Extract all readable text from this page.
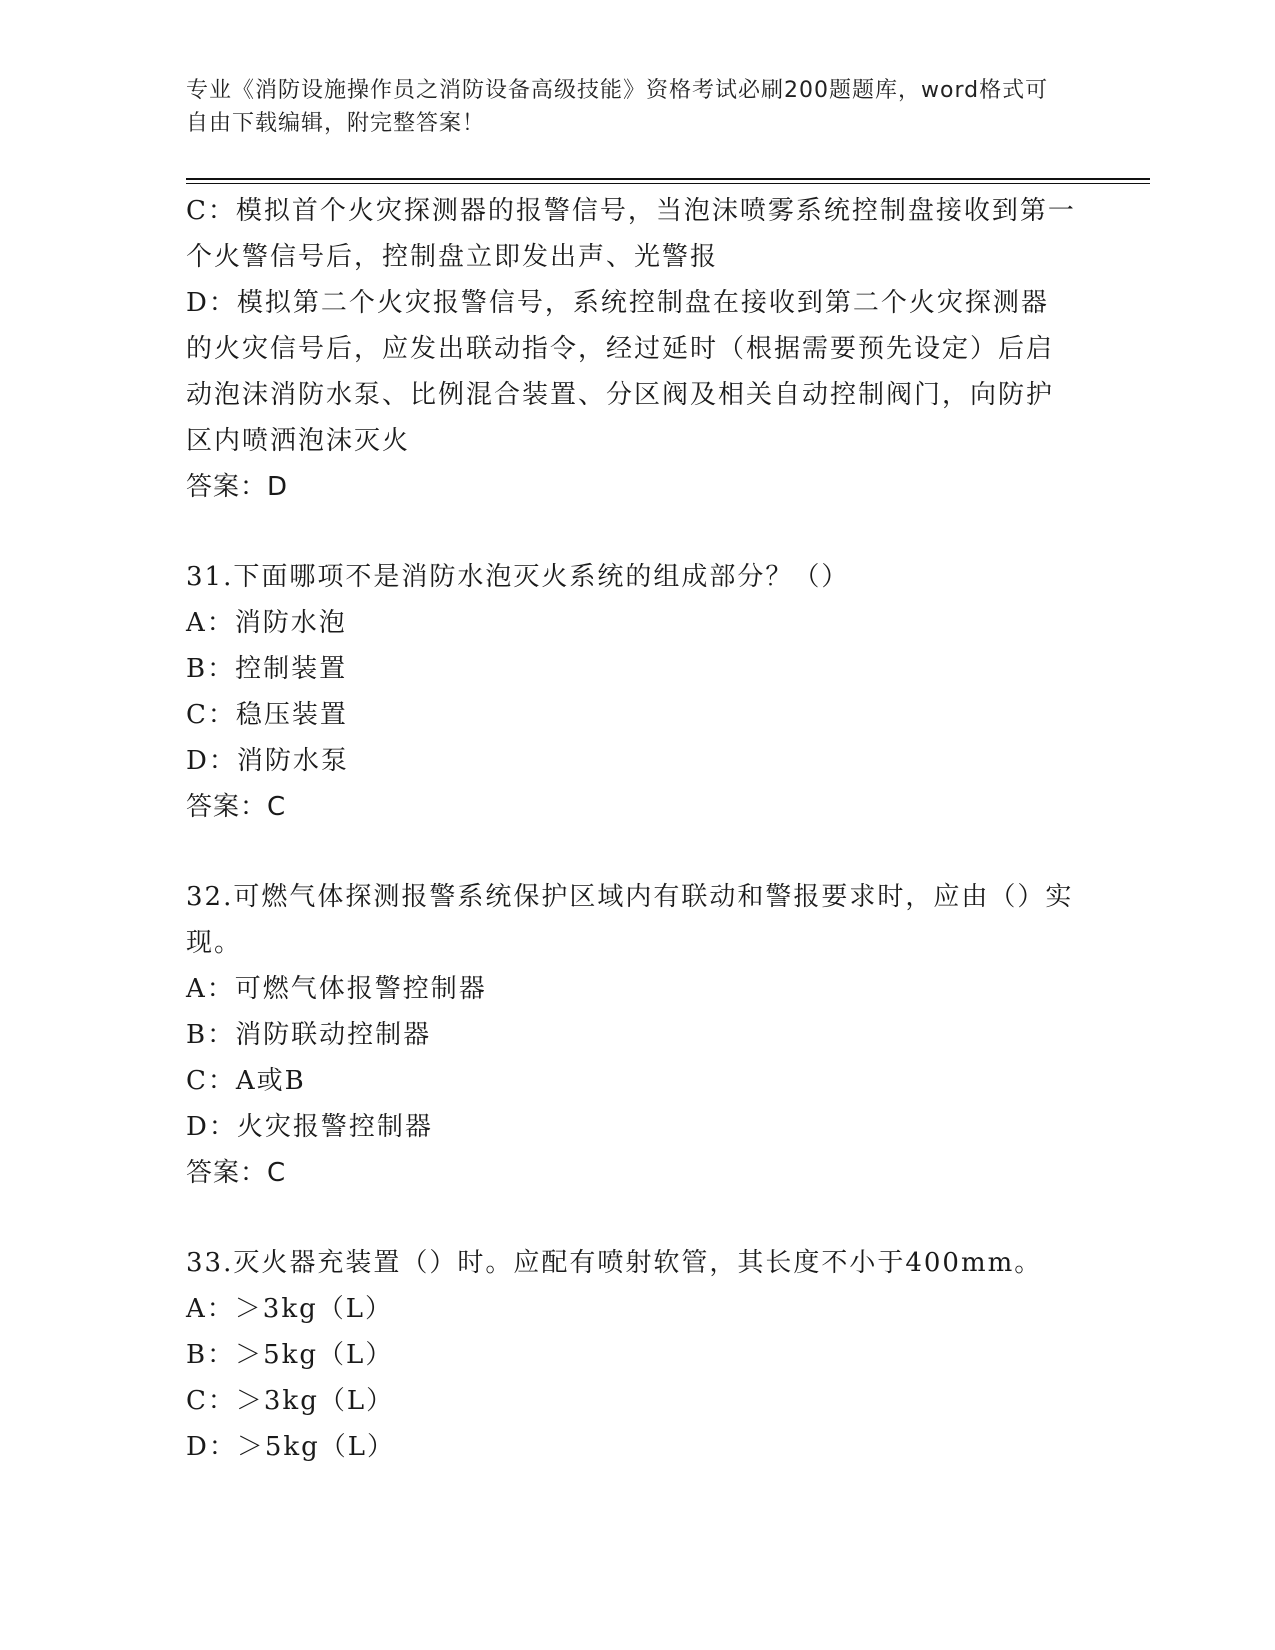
专业《消防设施操作员之消防设备高级技能》资格考试必刷200题题库，word格式可自由下载编辑，附完整答案！

C：模拟首个火灾探测器的报警信号，当泡沫喷雾系统控制盘接收到第一个火警信号后，控制盘立即发出声、光警报

D：模拟第二个火灾报警信号，系统控制盘在接收到第二个火灾探测器的火灾信号后，应发出联动指令，经过延时（根据需要预先设定）后启动泡沫消防水泵、比例混合装置、分区阀及相关自动控制阀门，向防护区内喷洒泡沫灭火

答案：D

31.下面哪项不是消防水泡灭火系统的组成部分？（）

A：消防水泡

B：控制装置

C：稳压装置

D：消防水泵

答案：C

32.可燃气体探测报警系统保护区域内有联动和警报要求时，应由（）实现。

A：可燃气体报警控制器

B：消防联动控制器

C：A或B

D：火灾报警控制器

答案：C

33.灭火器充装置（）时。应配有喷射软管，其长度不小于400mm。

A：＞3kg（L）

B：＞5kg（L）

C：＞3kg（L）

D：＞5kg（L）
